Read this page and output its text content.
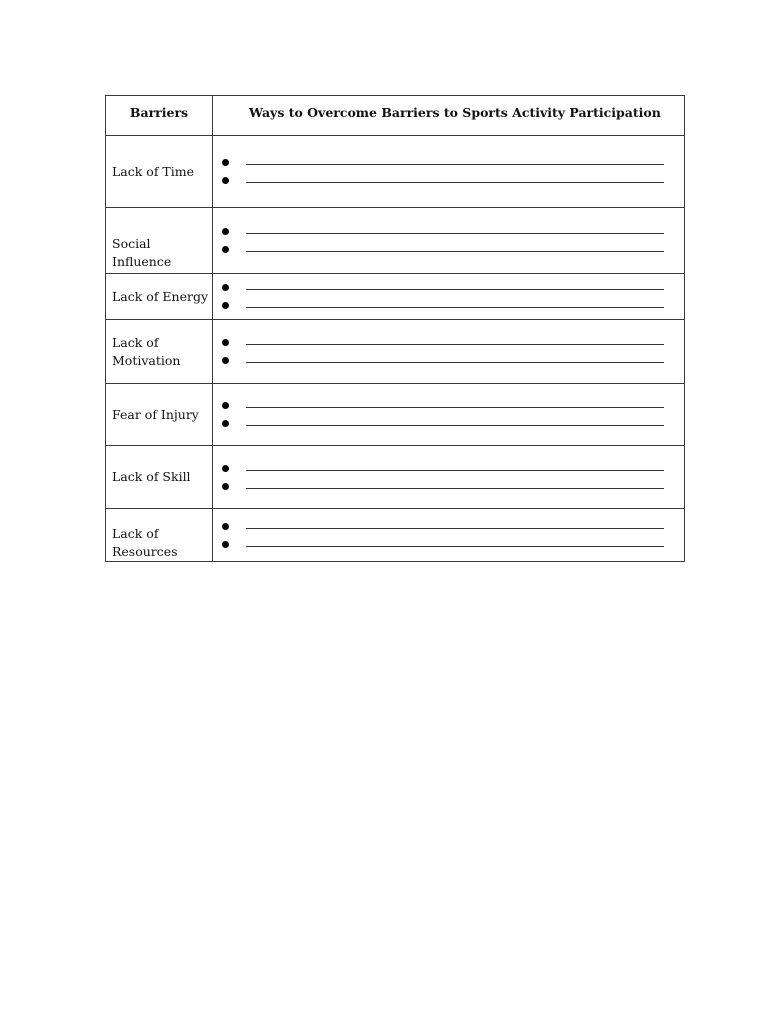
Barriers	Ways to Overcome Barriers to Sports Activity Participation

Lack of Time	

Social
Influence	

Lack of Energy	

Lack of
Motivation	

Fear of Injury	

Lack of Skill	

Lack of
Resources	
